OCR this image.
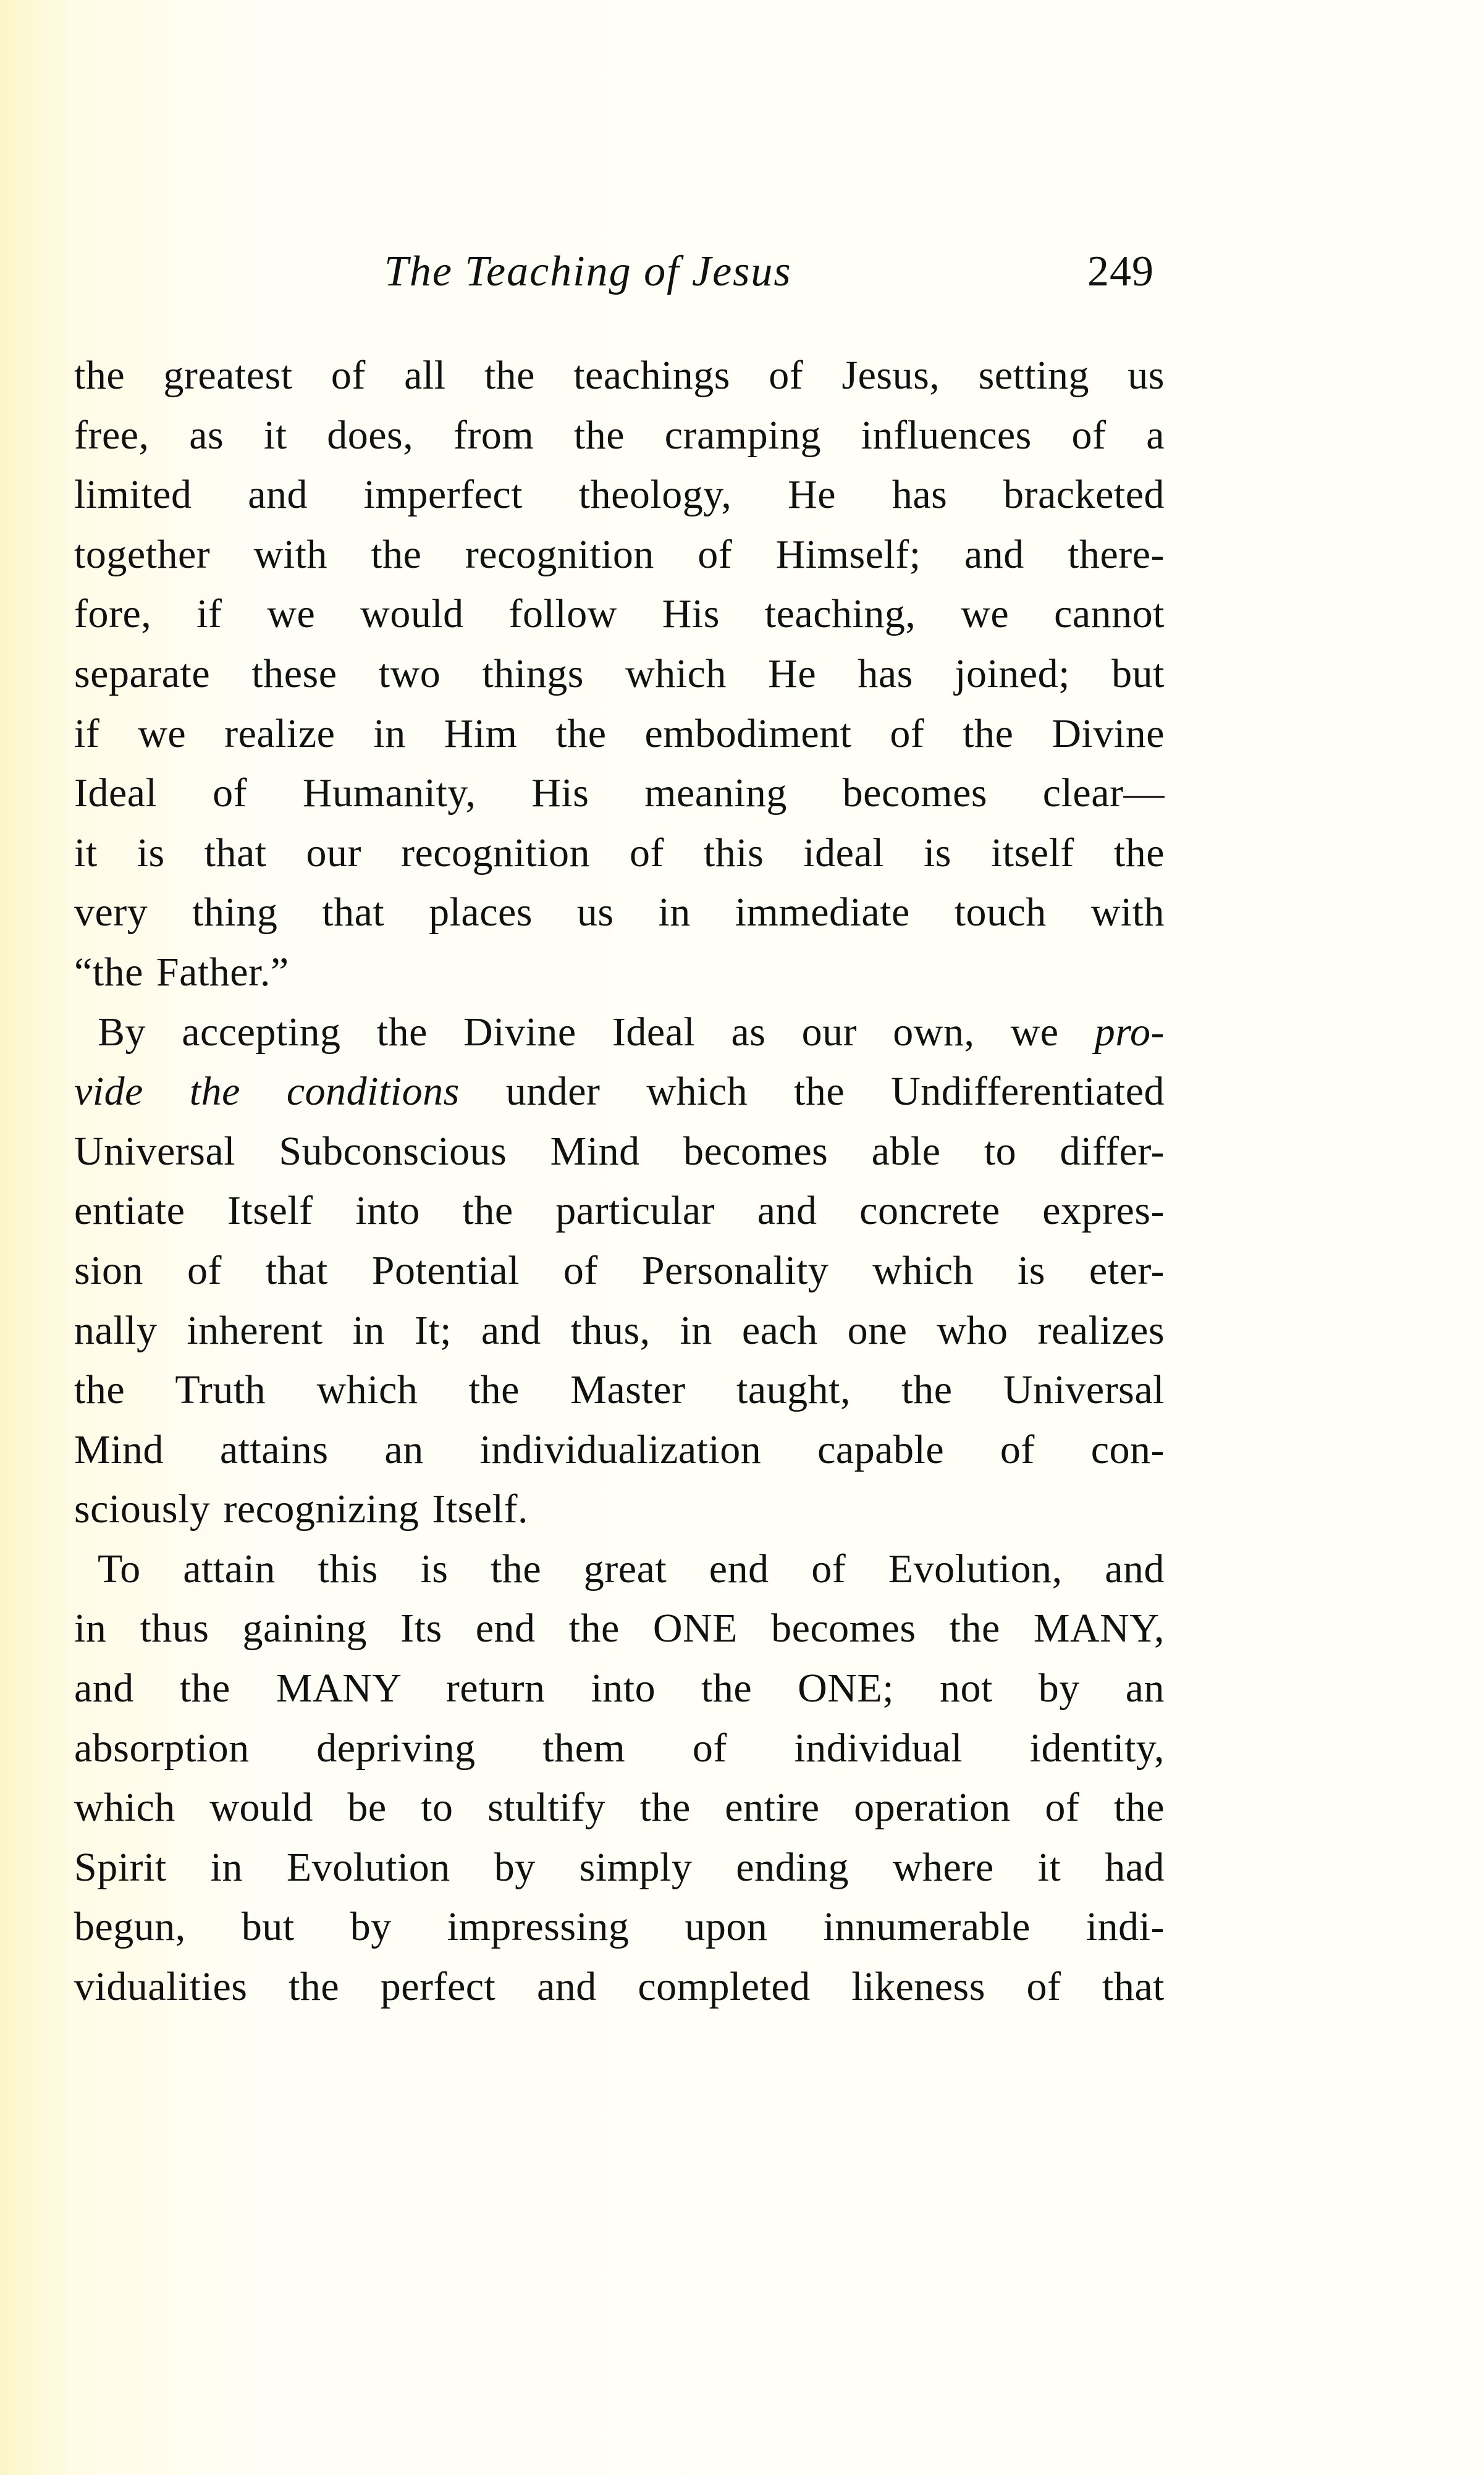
The Teaching of Jesus	249
the greatest of all the teachings of Jesus, setting us
free, as it does, from the cramping influences of a
limited and imperfect theology, He has bracketed
together with the recognition of Himself; and there-
fore, if we would follow His teaching, we cannot
separate these two things which He has joined; but
if we realize in Him the embodiment of the Divine
Ideal of Humanity, His meaning becomes clear—
it is that our recognition of this ideal is itself the
very thing that places us in immediate touch with
“the Father.”
By accepting the Divine Ideal as our own, we pro-
vide the conditions under which the Undifferentiated
Universal Subconscious Mind becomes able to differ-
entiate Itself into the particular and concrete expres-
sion of that Potential of Personality which is eter-
nally inherent in It; and thus, in each one who realizes
the Truth which the Master taught, the Universal
Mind attains an individualization capable of con-
sciously recognizing Itself.
To attain this is the great end of Evolution, and
in thus gaining Its end the ONE becomes the MANY,
and the MANY return into the ONE; not by an
absorption depriving them of individual identity,
which would be to stultify the entire operation of the
Spirit in Evolution by simply ending where it had
begun, but by impressing upon innumerable indi-
vidualities the perfect and completed likeness of that
